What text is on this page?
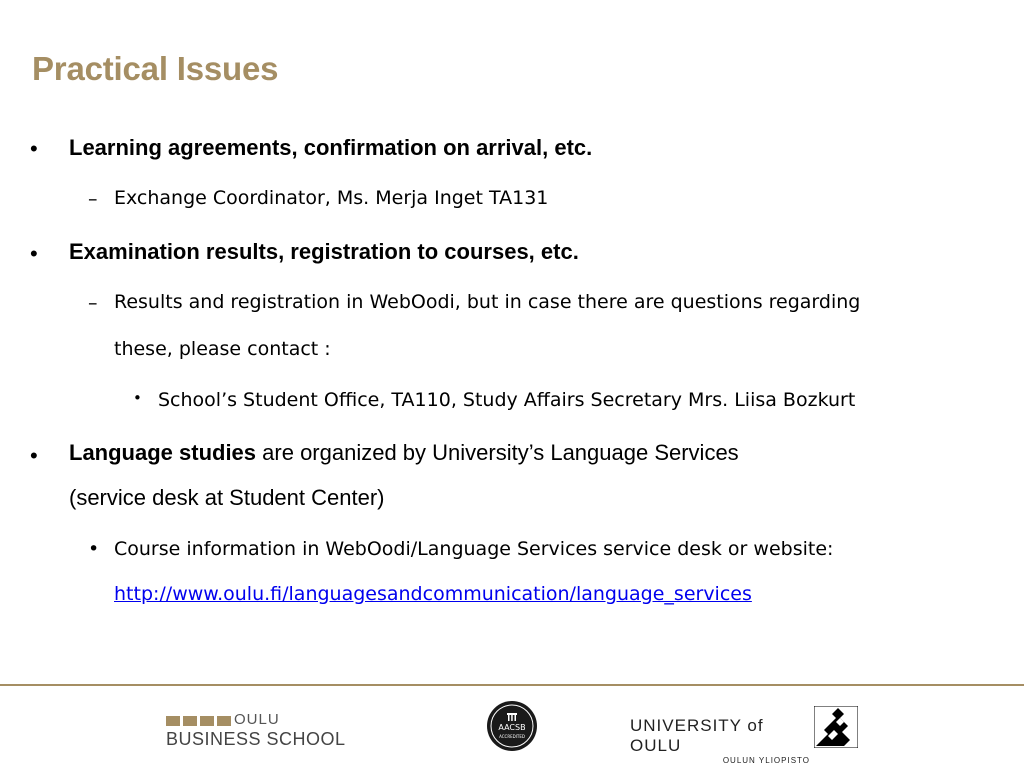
Practical Issues
• Learning agreements, confirmation on arrival, etc.
– Exchange Coordinator, Ms. Merja Inget TA131
• Examination results, registration to courses, etc.
– Results and registration in WebOodi, but in case there are questions regarding
these, please contact :
• School’s Student Office, TA110, Study Affairs Secretary Mrs. Liisa Bozkurt
• Language studies are organized by University’s Language Services
(service desk at Student Center)
• Course information in WebOodi/Language Services service desk or website:
http://www.oulu.fi/languagesandcommunication/language_services
OULU
BUSINESS SCHOOL
AACSB
ACCREDITED
UNIVERSITY of OULU
OULUN YLIOPISTO
